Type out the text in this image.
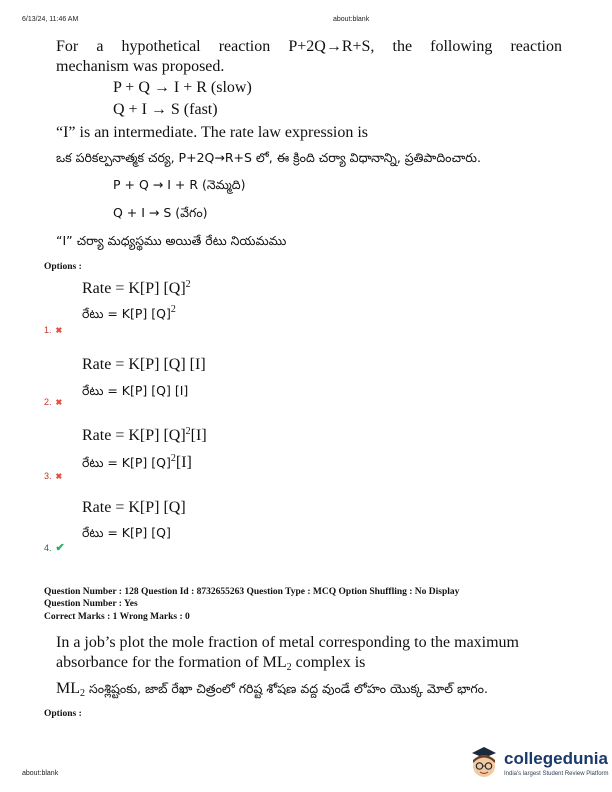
6/13/24, 11:46 AM	about:blank
For a hypothetical reaction P+2Q→R+S, the following reaction
mechanism was proposed.
P + Q → I + R (slow)
Q + I → S (fast)
“I” is an intermediate. The rate law expression is
ఒక పరికల్పనాత్మక చర్య, P+2Q→R+S లో, ఈ క్రింది చర్యా విధానాన్ని, ప్రతిపాదించారు.
P + Q → I + R (నెమ్మది)
Q + I → S (వేగం)
“I” చర్యా మధ్యస్థము అయితే రేటు నియమము
Options :
Rate = K[P] $[Q]^2$
రేటు = K[P] $[Q]^2$
1. ✖
Rate = K[P] [Q] [I]
రేటు = K[P] [Q] [I]
2. ✖
Rate = K[P] $[Q]^2[I]$
రేటు = K[P] $[Q]^2[I]$
3. ✖
Rate = K[P] [Q]
రేటు = K[P] [Q]
4. ✔
Question Number : 128 Question Id : 8732655263 Question Type : MCQ Option Shuffling : No Display
Question Number : Yes
Correct Marks : 1 Wrong Marks : 0
In a job’s plot the mole fraction of metal corresponding to the maximum
absorbance for the formation of $ML_2$ complex is
$ML_2$ సంశ్లిష్టంకు, జాబ్ రేఖా చిత్రంలో గరిష్ట శోషణ వద్ద వుండే లోహం యొక్క మోల్ భాగం.
Options :
about:blank
collegedunia
India's largest Student Review Platform
